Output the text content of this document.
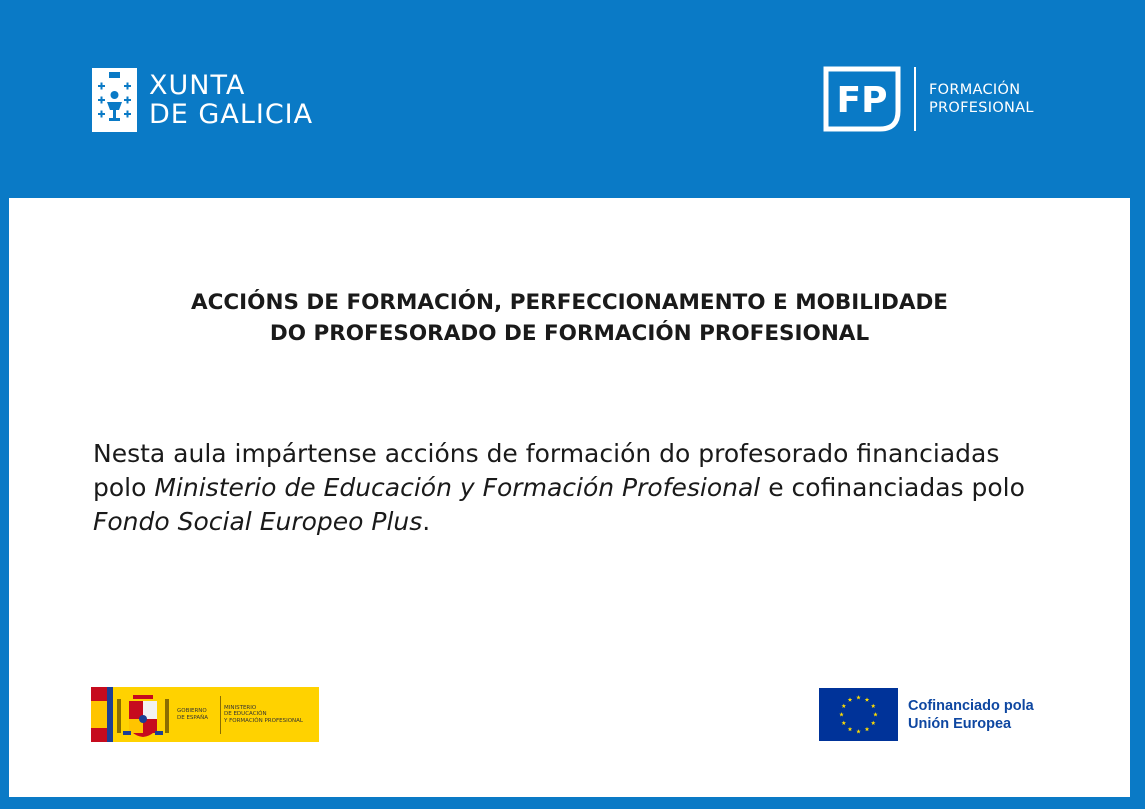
XUNTA
DE GALICIA	FP	FORMACIÓN
PROFESIONAL
ACCIÓNS DE FORMACIÓN, PERFECCIONAMENTO E MOBILIDADE
DO PROFESORADO DE FORMACIÓN PROFESIONAL
Nesta aula impártense accións de formación do profesorado financiadas polo Ministerio de Educación y Formación Profesional e cofinanciadas polo Fondo Social Europeo Plus.
GOBIERNO
DE ESPAÑA
MINISTERIO
DE EDUCACIÓN
Y FORMACIÓN PROFESIONAL
Cofinanciado pola
Unión Europea
